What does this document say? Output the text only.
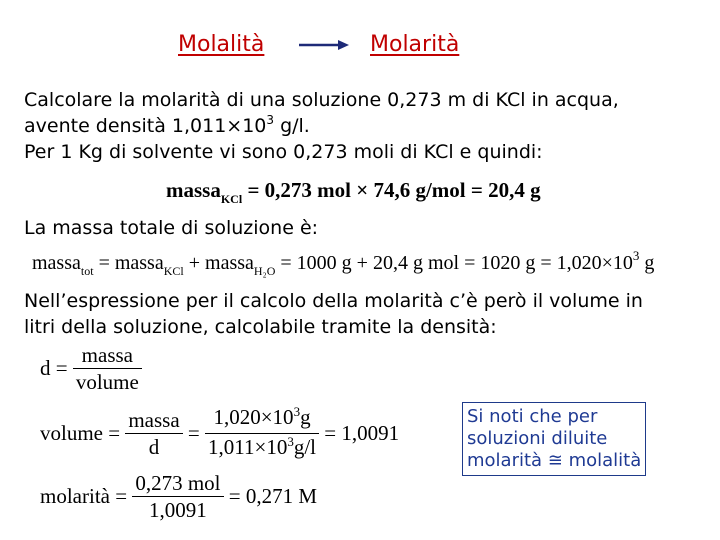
Molalità	Molarità
Calcolare la molarità di una soluzione 0,273 m di KCl in acqua,
avente densità $1,011\times 10^3$ g/l.
Per 1 Kg di solvente vi sono 0,273 moli di KCl e quindi:
massa$_{KCl}$ = 0,273 mol × 74,6 g/mol = 20,4 g
La massa totale di soluzione è:
massa$_{tot}$ = massa$_{KCl}$ + massa$_{H_2O}$ = 1000 g + 20,4 g mol = 1020 $g = 1,020\times 10^3$ g
Nell’espressione per il calcolo della molarità c’è però il volume in
litri della soluzione, calcolabile tramite la densità:
$d = \frac{\text{massa}}{\text{volume}}$
volume = $\frac{\text{massa}}{d} = \frac{1,020\times 10^3g}{1,011\times 10^3g/l} = 1,0091$
molarità = $\frac{\text{0,273 mol}}{1,0091} = 0,271$ M
Si noti che per
soluzioni diluite
molarità ≅ molalità
